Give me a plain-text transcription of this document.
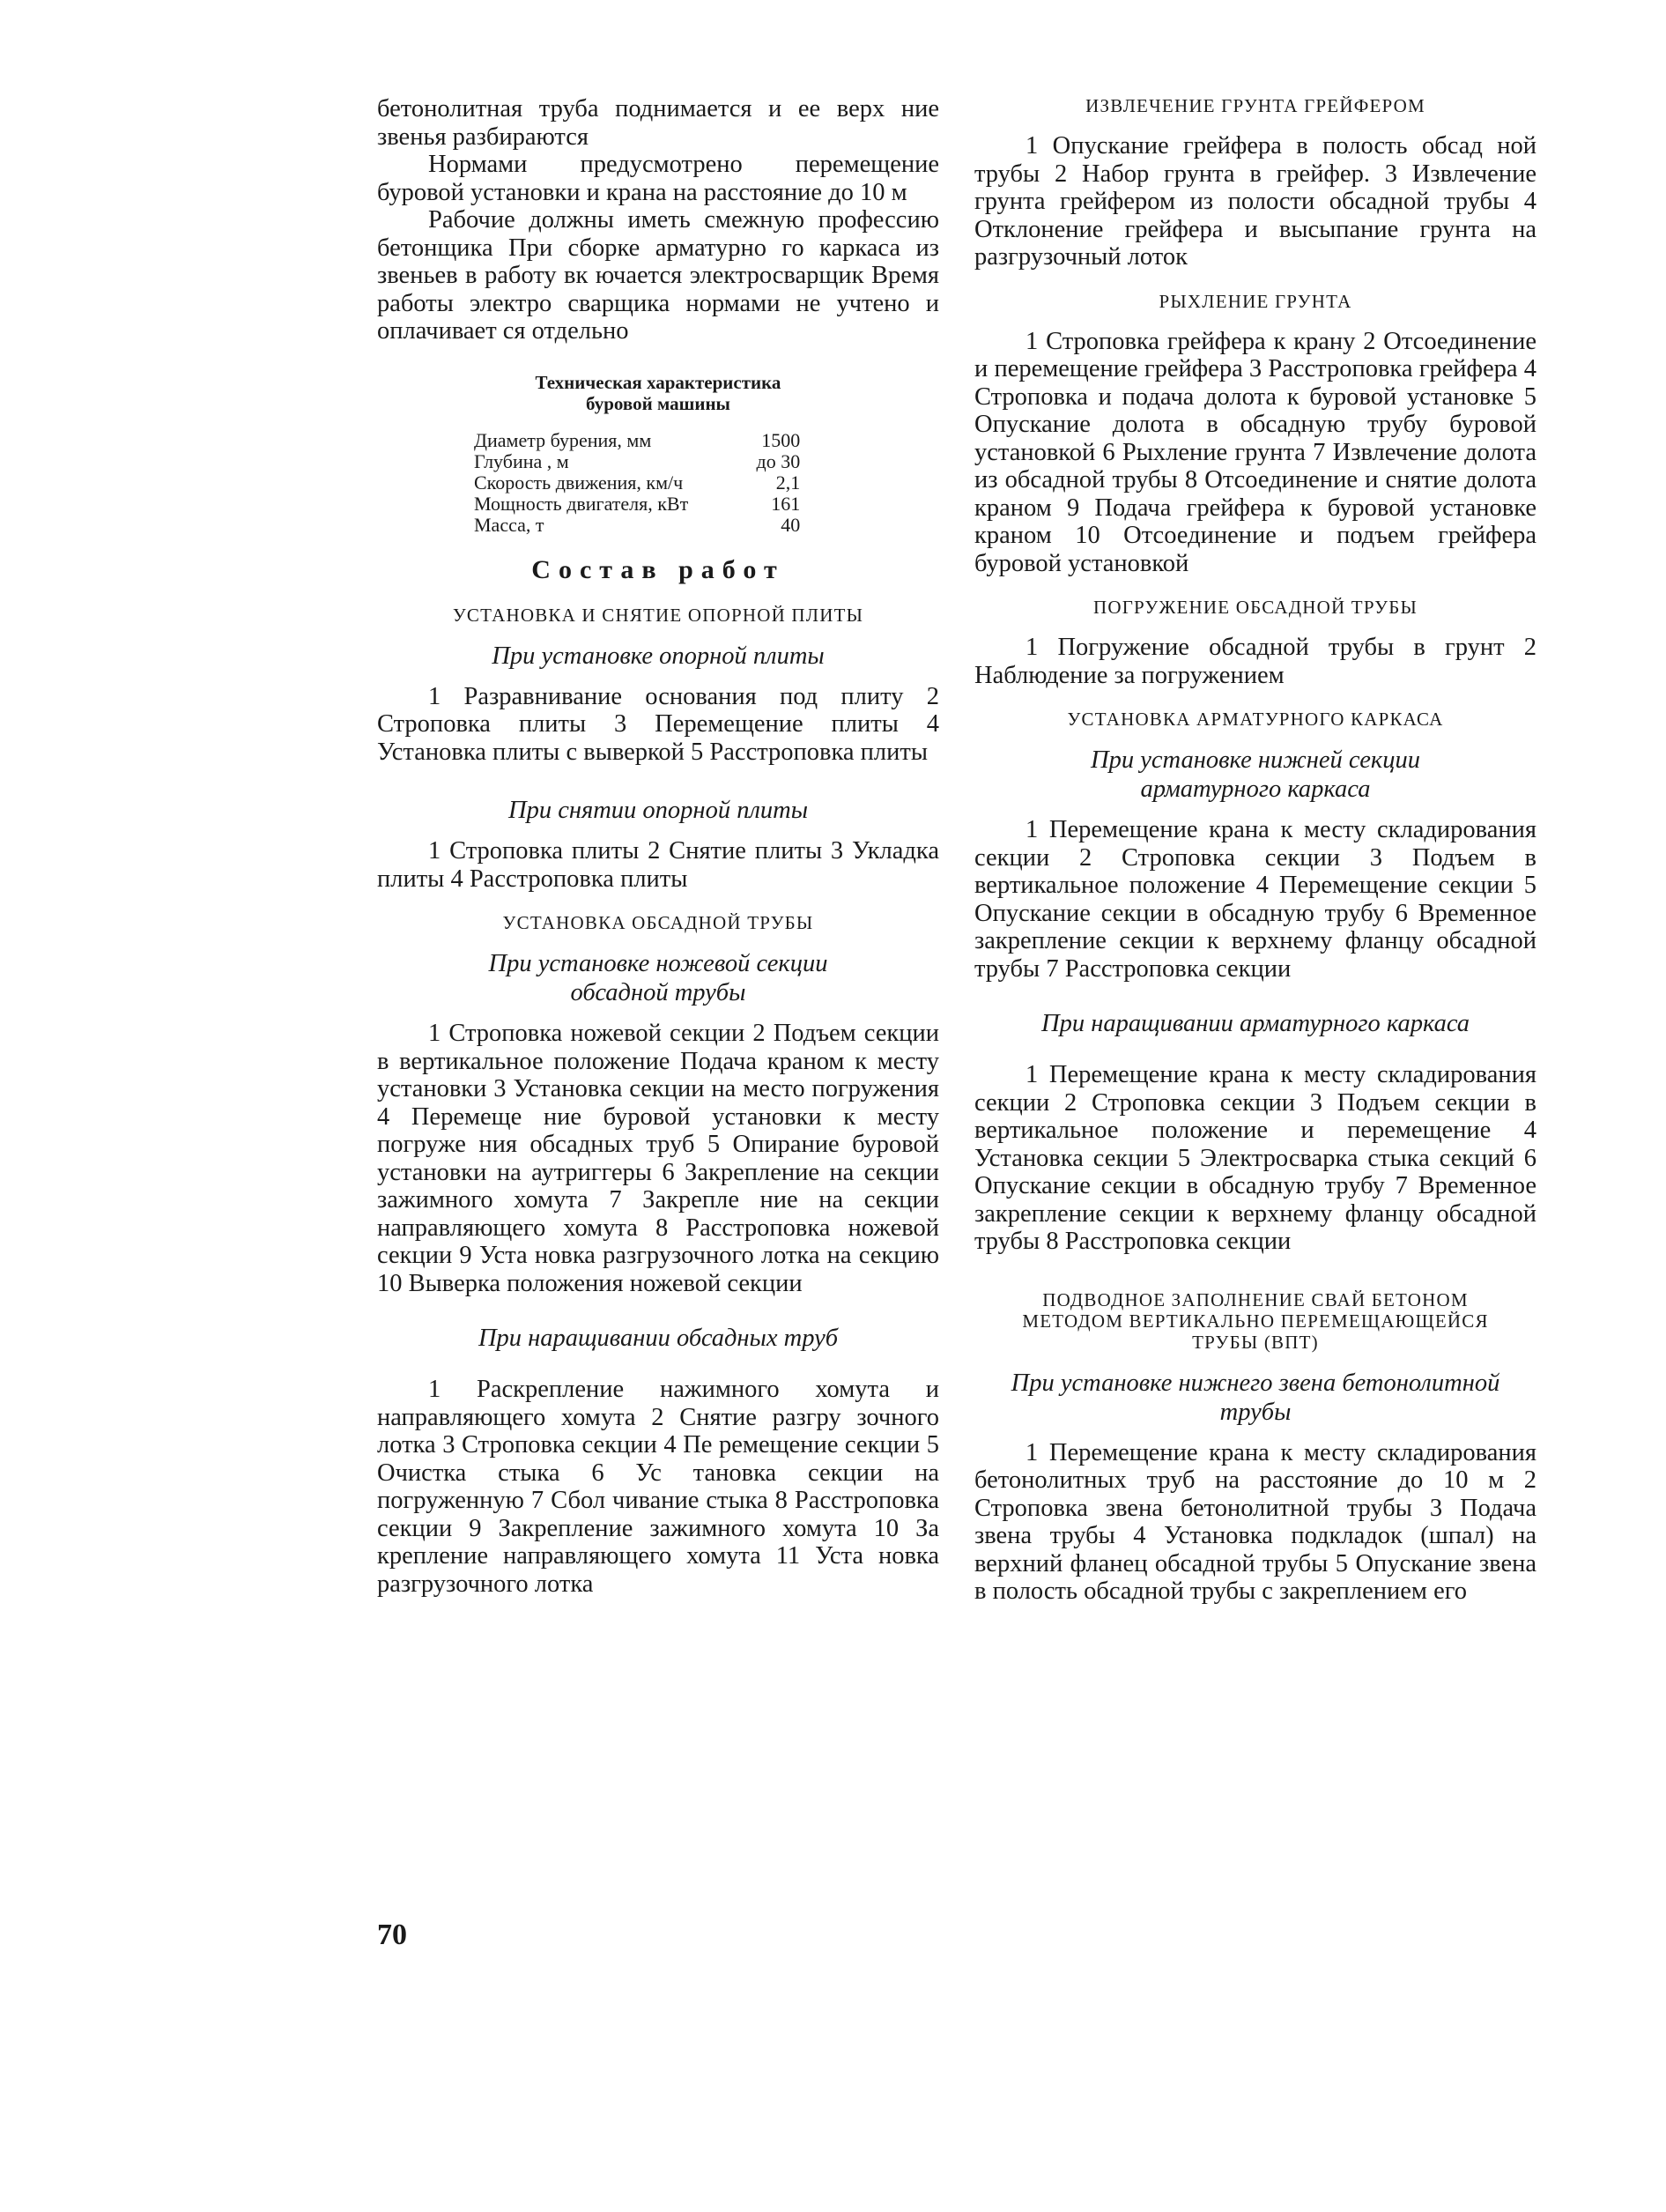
бетонолитная труба поднимается и ее верх ние звенья разбираются

Нормами предусмотрено перемещение буровой установки и крана на расстояние до 10 м

Рабочие должны иметь смежную профессию бетонщика При сборке арматурно го каркаса из звеньев в работу вк ючается электросварщик Время работы электро сварщика нормами не учтено и оплачивает ся отдельно

Техническая характеристика
буровой машины
Диаметр бурения, мм	1500
Глубина , м	до 30
Скорость движения, км/ч	2,1
Мощность двигателя, кВт	161
Масса, т	40
Состав работ
УСТАНОВКА И СНЯТИЕ ОПОРНОЙ ПЛИТЫ
При установке опорной плиты

1 Разравнивание основания под плиту 2 Строповка плиты 3 Перемещение плиты 4 Установка плиты с выверкой 5 Расстроповка плиты

При снятии опорной плиты

1 Строповка плиты 2 Снятие плиты 3 Укладка плиты 4 Расстроповка плиты

УСТАНОВКА ОБСАДНОЙ ТРУБЫ
При установке ножевой секции
обсадной трубы

1 Строповка ножевой секции 2 Подъем секции в вертикальное положение Подача краном к месту установки 3 Установка секции на место погружения 4 Перемеще ние буровой установки к месту погруже ния обсадных труб 5 Опирание буровой установки на аутриггеры 6 Закрепление на секции зажимного хомута 7 Закрепле ние на секции направляющего хомута 8 Расстроповка ножевой секции 9 Уста новка разгрузочного лотка на секцию 10 Выверка положения ножевой секции

При наращивании обсадных труб

1 Раскрепление нажимного хомута и направляющего хомута 2 Снятие разгру зочного лотка 3 Строповка секции 4 Пе ремещение секции 5 Очистка стыка 6 Ус тановка секции на погруженную 7 Сбол чивание стыка 8 Расстроповка секции 9 Закрепление зажимного хомута 10 За крепление направляющего хомута 11 Уста новка разгрузочного лотка

ИЗВЛЕЧЕНИЕ ГРУНТА ГРЕЙФЕРОМ

1 Опускание грейфера в полость обсад ной трубы 2 Набор грунта в грейфер. 3 Извлечение грунта грейфером из полости обсадной трубы 4 Отклонение грейфера и высыпание грунта на разгрузочный лоток

РЫХЛЕНИЕ ГРУНТА

1 Строповка грейфера к крану 2 Отсоединение и перемещение грейфера 3 Расстроповка грейфера 4 Строповка и подача долота к буровой установке 5 Опускание долота в обсадную трубу буровой установкой 6 Рыхление грунта 7 Извлечение долота из обсадной трубы 8 Отсоединение и снятие долота краном 9 Подача грейфера к буровой установке краном 10 Отсоединение и подъем грейфера буровой установкой

ПОГРУЖЕНИЕ ОБСАДНОЙ ТРУБЫ

1 Погружение обсадной трубы в грунт 2 Наблюдение за погружением

УСТАНОВКА АРМАТУРНОГО КАРКАСА
При установке нижней секции
арматурного каркаса

1 Перемещение крана к месту складирования секции 2 Строповка секции 3 Подъем в вертикальное положение 4 Перемещение секции 5 Опускание секции в обсадную трубу 6 Временное закрепление секции к верхнему фланцу обсадной трубы 7 Расстроповка секции

При наращивании арматурного каркаса

1 Перемещение крана к месту складирования секции 2 Строповка секции 3 Подъем секции в вертикальное положение и перемещение 4 Установка секции 5 Электросварка стыка секций 6 Опускание секции в обсадную трубу 7 Временное закрепление секции к верхнему фланцу обсадной трубы 8 Расстроповка секции

ПОДВОДНОЕ ЗАПОЛНЕНИЕ СВАЙ БЕТОНОМ
МЕТОДОМ ВЕРТИКАЛЬНО ПЕРЕМЕЩАЮЩЕЙСЯ
ТРУБЫ (ВПТ)
При установке нижнего звена бетонолитной
трубы

1 Перемещение крана к месту складирования бетонолитных труб на расстояние до 10 м 2 Строповка звена бетонолитной трубы 3 Подача звена трубы 4 Установка подкладок (шпал) на верхний фланец обсадной трубы 5 Опускание звена в полость обсадной трубы с закреплением его

70
